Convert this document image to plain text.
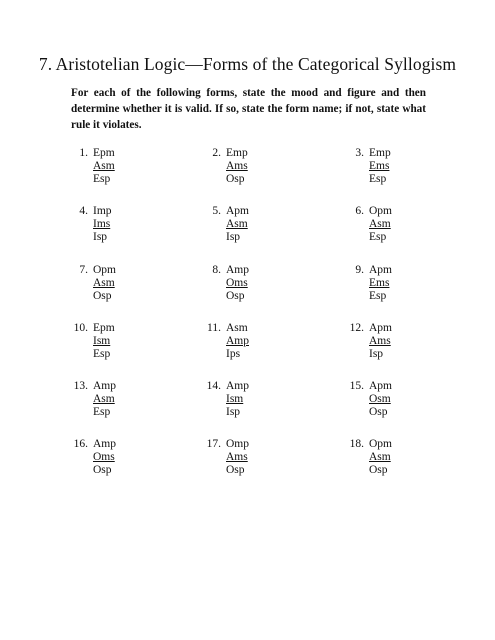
7. Aristotelian Logic—Forms of the Categorical Syllogism
For each of the following forms, state the mood and figure and then determine whether it is valid. If so, state the form name; if not, state what rule it violates.
1. Epm
Asm
Esp
2. Emp
Ams
Osp
3. Emp
Ems
Esp
4. Imp
Ims
Isp
5. Apm
Asm
Isp
6. Opm
Asm
Esp
7. Opm
Asm
Osp
8. Amp
Oms
Osp
9. Apm
Ems
Esp
10. Epm
Ism
Esp
11. Asm
Amp
Ips
12. Apm
Ams
Isp
13. Amp
Asm
Esp
14. Amp
Ism
Isp
15. Apm
Osm
Osp
16. Amp
Oms
Osp
17. Omp
Ams
Osp
18. Opm
Asm
Osp
